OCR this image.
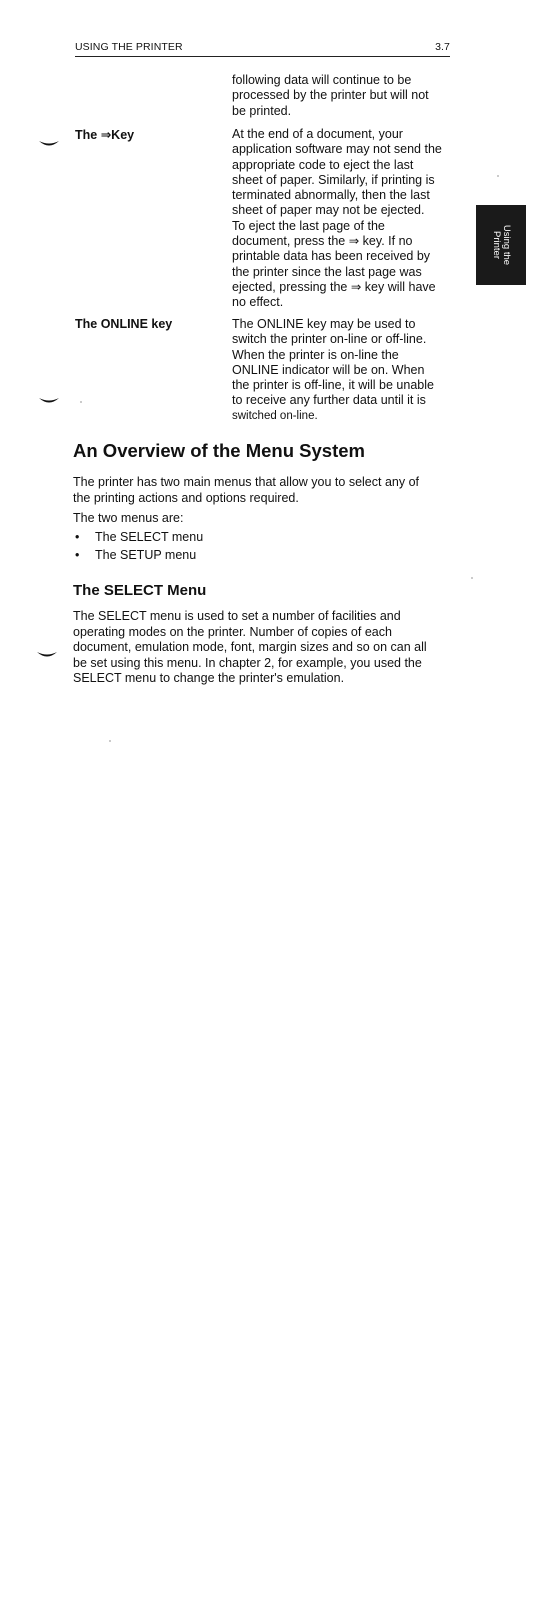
USING THE PRINTER	3.7
Using the
Printer
following data will continue to be
processed by the printer but will not
be printed.
The ⇒Key	At the end of a document, your
application software may not send the
appropriate code to eject the last
sheet of paper. Similarly, if printing is
terminated abnormally, then the last
sheet of paper may not be ejected.
To eject the last page of the
document, press the ⇒ key. If no
printable data has been received by
the printer since the last page was
ejected, pressing the ⇒ key will have
no effect.
The ONLINE key	The ONLINE key may be used to
switch the printer on-line or off-line.
When the printer is on-line the
ONLINE indicator will be on. When
the printer is off-line, it will be unable
to receive any further data until it is
switched on-line.
An Overview of the Menu System
The printer has two main menus that allow you to select any of
the printing actions and options required.
The two menus are:
• The SELECT menu
• The SETUP menu
The SELECT Menu
The SELECT menu is used to set a number of facilities and
operating modes on the printer. Number of copies of each
document, emulation mode, font, margin sizes and so on can all
be set using this menu. In chapter 2, for example, you used the
SELECT menu to change the printer's emulation.
